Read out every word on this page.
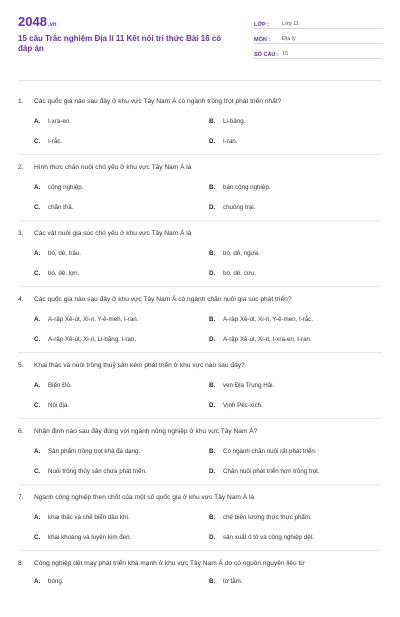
2048 .vn
15 câu Trắc nghiệm Địa lí 11 Kết nối tri thức Bài 16 có đáp án
LỚP :	Lớp 11
MÔN :	Địa lý
SỐ CÂU : 15
1.	Các quốc gia nào sau đây ở khu vực Tây Nam Á có ngành trồng trọt phát triển nhất?
A.	I-xra-en.	B.	Li-băng.
C.	I-rắc.	D.	I-ran.
2.	Hình thức chăn nuôi chủ yếu ở khu vực Tây Nam Á là
A.	công nghiệp.	B.	bán công nghiệp.
C.	chăn thả.	D.	chuồng trại.
3.	Các vật nuôi gia súc chủ yếu ở khu vực Tây Nam Á là
A.	bò, dê, trâu.	B.	bò, dê, ngựa.
C.	bò, dê, lợn.	D.	bò, dê, cừu.
4.	Các quốc gia nào sau đây ở khu vực Tây Nam Á có ngành chăn nuôi gia súc phát triển?
A.	A-rập Xê-út, Xi-ri, Y-ê-men, I-ran.	B.	A-rập Xê-út, Xi-ri, Y-ê-men, I-rắc.
C.	A-rập Xê-út, Xi-ri, Li-băng, I-ran.	D.	A-rập Xê-út, Xi-ri, I-xra-en, I-ran.
5.	Khai thác và nuôi trồng thuỷ sản kém phát triển ở khu vực nào sau đây?
A.	Biển Đỏ.	B.	ven Địa Trung Hải.
C.	Nội địa.	D.	Vịnh Péc-xích.
6.	Nhận định nào sau đây đúng với ngành nông nghiệp ở khu vực Tây Nam Á?
A.	Sản phẩm trồng trọt khá đa dạng.	B.	Có ngành chăn nuôi rất phát triển.
C.	Nuôi trồng thủy sản chưa phát triển.	D.	Chăn nuôi phát triển hơn trồng trọt.
7.	Ngành công nghiệp then chốt của một số quốc gia ở khu vực Tây Nam Á là
A.	khai thác và chế biến dầu khí.	B.	chế biến lương thực thực phẩm.
C.	khai khoáng và luyện kim đen.	D.	sản xuất ô tô và công nghiệp dệt.
8.	Công nghiệp dệt may phát triển khá mạnh ở khu vực Tây Nam Á do có nguồn nguyên liệu từ
A.	bông.	B.	tơ tằm.
